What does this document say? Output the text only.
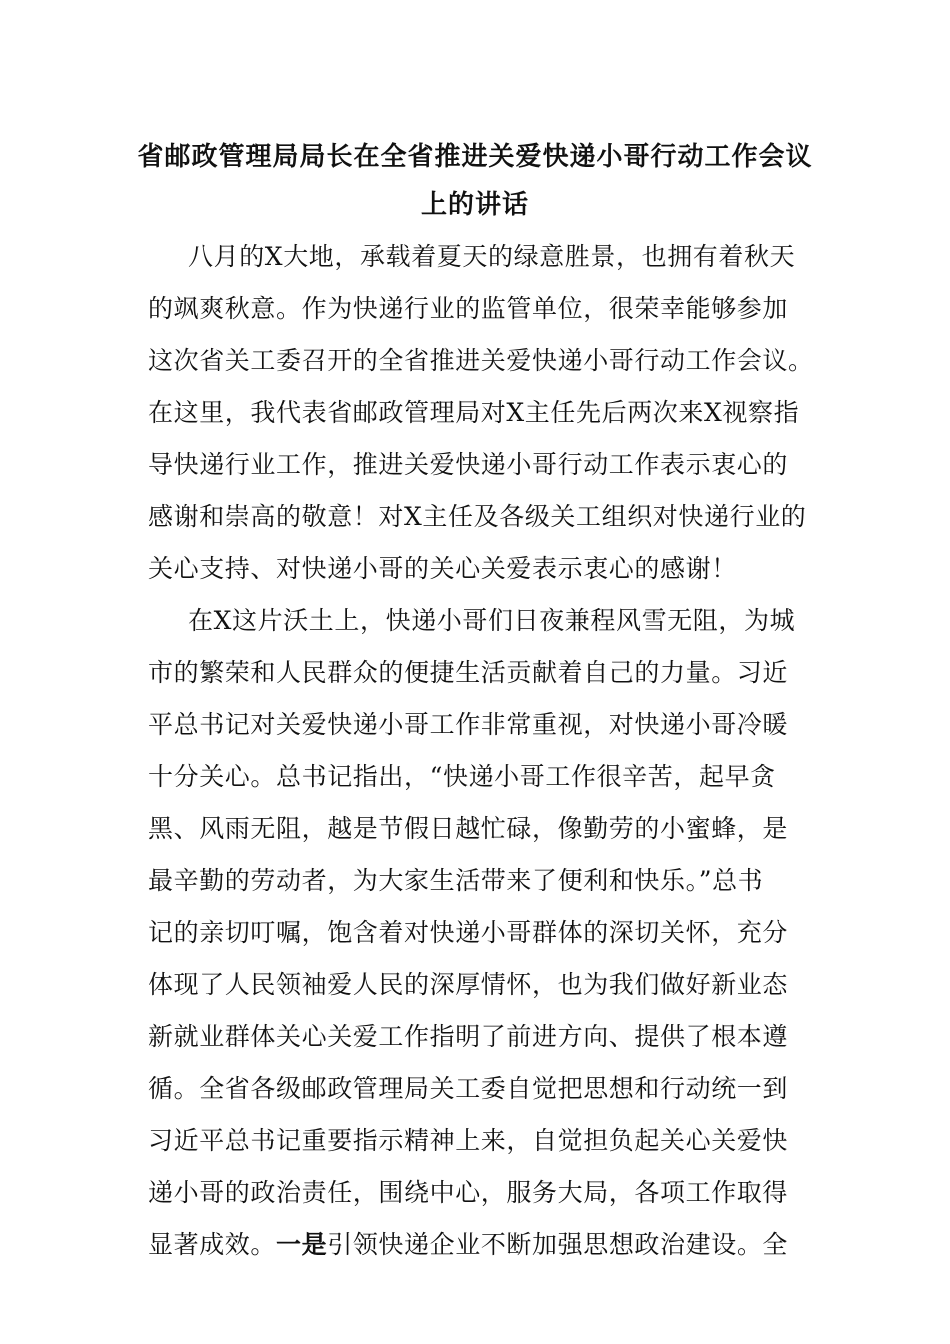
省邮政管理局局长在全省推进关爱快递小哥行动工作会议
上的讲话
八月的X大地，承载着夏天的绿意胜景，也拥有着秋天
的飒爽秋意。作为快递行业的监管单位，很荣幸能够参加
这次省关工委召开的全省推进关爱快递小哥行动工作会议。
在这里，我代表省邮政管理局对X主任先后两次来X视察指
导快递行业工作，推进关爱快递小哥行动工作表示衷心的
感谢和崇高的敬意！对X主任及各级关工组织对快递行业的
关心支持、对快递小哥的关心关爱表示衷心的感谢！
在X这片沃土上，快递小哥们日夜兼程风雪无阻，为城
市的繁荣和人民群众的便捷生活贡献着自己的力量。习近
平总书记对关爱快递小哥工作非常重视，对快递小哥冷暖
十分关心。总书记指出，“快递小哥工作很辛苦，起早贪
黑、风雨无阻，越是节假日越忙碌，像勤劳的小蜜蜂，是
最辛勤的劳动者，为大家生活带来了便利和快乐。”总书
记的亲切叮嘱，饱含着对快递小哥群体的深切关怀，充分
体现了人民领袖爱人民的深厚情怀，也为我们做好新业态
新就业群体关心关爱工作指明了前进方向、提供了根本遵
循。全省各级邮政管理局关工委自觉把思想和行动统一到
习近平总书记重要指示精神上来，自觉担负起关心关爱快
递小哥的政治责任，围绕中心，服务大局，各项工作取得
显著成效。一是引领快递企业不断加强思想政治建设。全
